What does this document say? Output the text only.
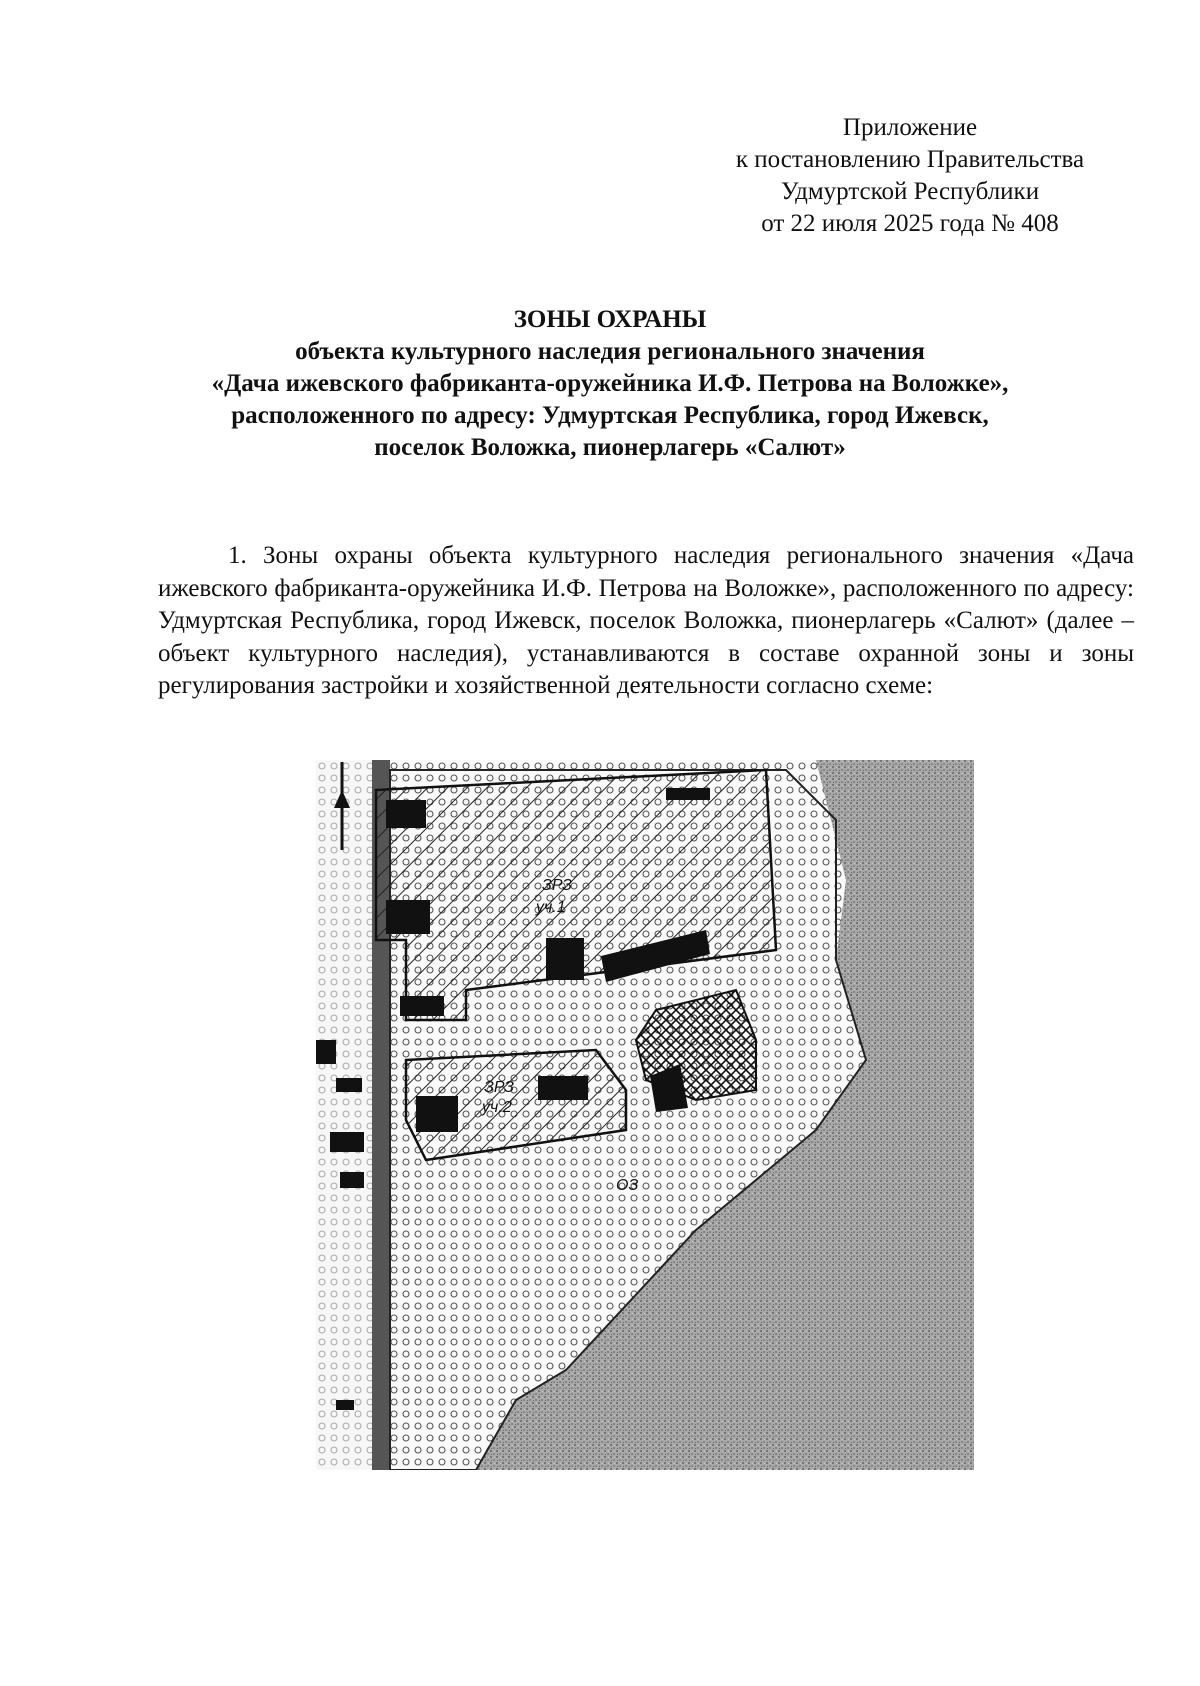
Приложение
к постановлению Правительства
Удмуртской Республики
от 22 июля 2025 года № 408
ЗОНЫ ОХРАНЫ
объекта культурного наследия регионального значения
«Дача ижевского фабриканта-оружейника И.Ф. Петрова на Воложке»,
расположенного по адресу: Удмуртская Республика, город Ижевск,
поселок Воложка, пионерлагерь «Салют»

1. Зоны охраны объекта культурного наследия регионального значения «Дача ижевского фабриканта-оружейника И.Ф. Петрова на Воложке», расположенного по адресу: Удмуртская Республика, город Ижевск, поселок Воложка, пионерлагерь «Салют» (далее – объект культурного наследия), устанавливаются в составе охранной зоны и зоны регулирования застройки и хозяйственной деятельности согласно схеме:

ЗРЗ
уч.1
ЗРЗ
уч.2
ОЗ
